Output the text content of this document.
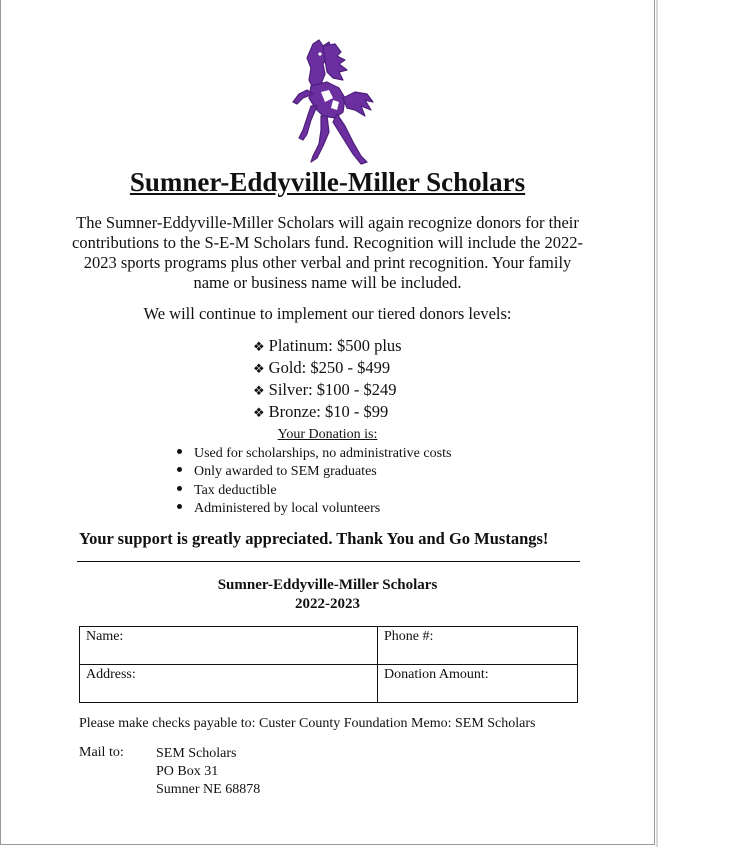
Sumner-Eddyville-Miller Scholars
The Sumner-Eddyville-Miller Scholars will again recognize donors for their contributions to the S-E-M Scholars fund. Recognition will include the 2022-2023 sports programs plus other verbal and print recognition. Your family name or business name will be included.
We will continue to implement our tiered donors levels:
❖ Platinum: $500 plus
❖ Gold: $250 - $499
❖ Silver: $100 - $249
❖ Bronze: $10 - $99
Your Donation is:
Used for scholarships, no administrative costs
Only awarded to SEM graduates
Tax deductible
Administered by local volunteers
Your support is greatly appreciated. Thank You and Go Mustangs!
Sumner-Eddyville-Miller Scholars
2022-2023
Name:	Phone #:
Address:	Donation Amount:
Please make checks payable to: Custer County Foundation Memo: SEM Scholars
Mail to: SEM Scholars
PO Box 31
Sumner NE 68878
